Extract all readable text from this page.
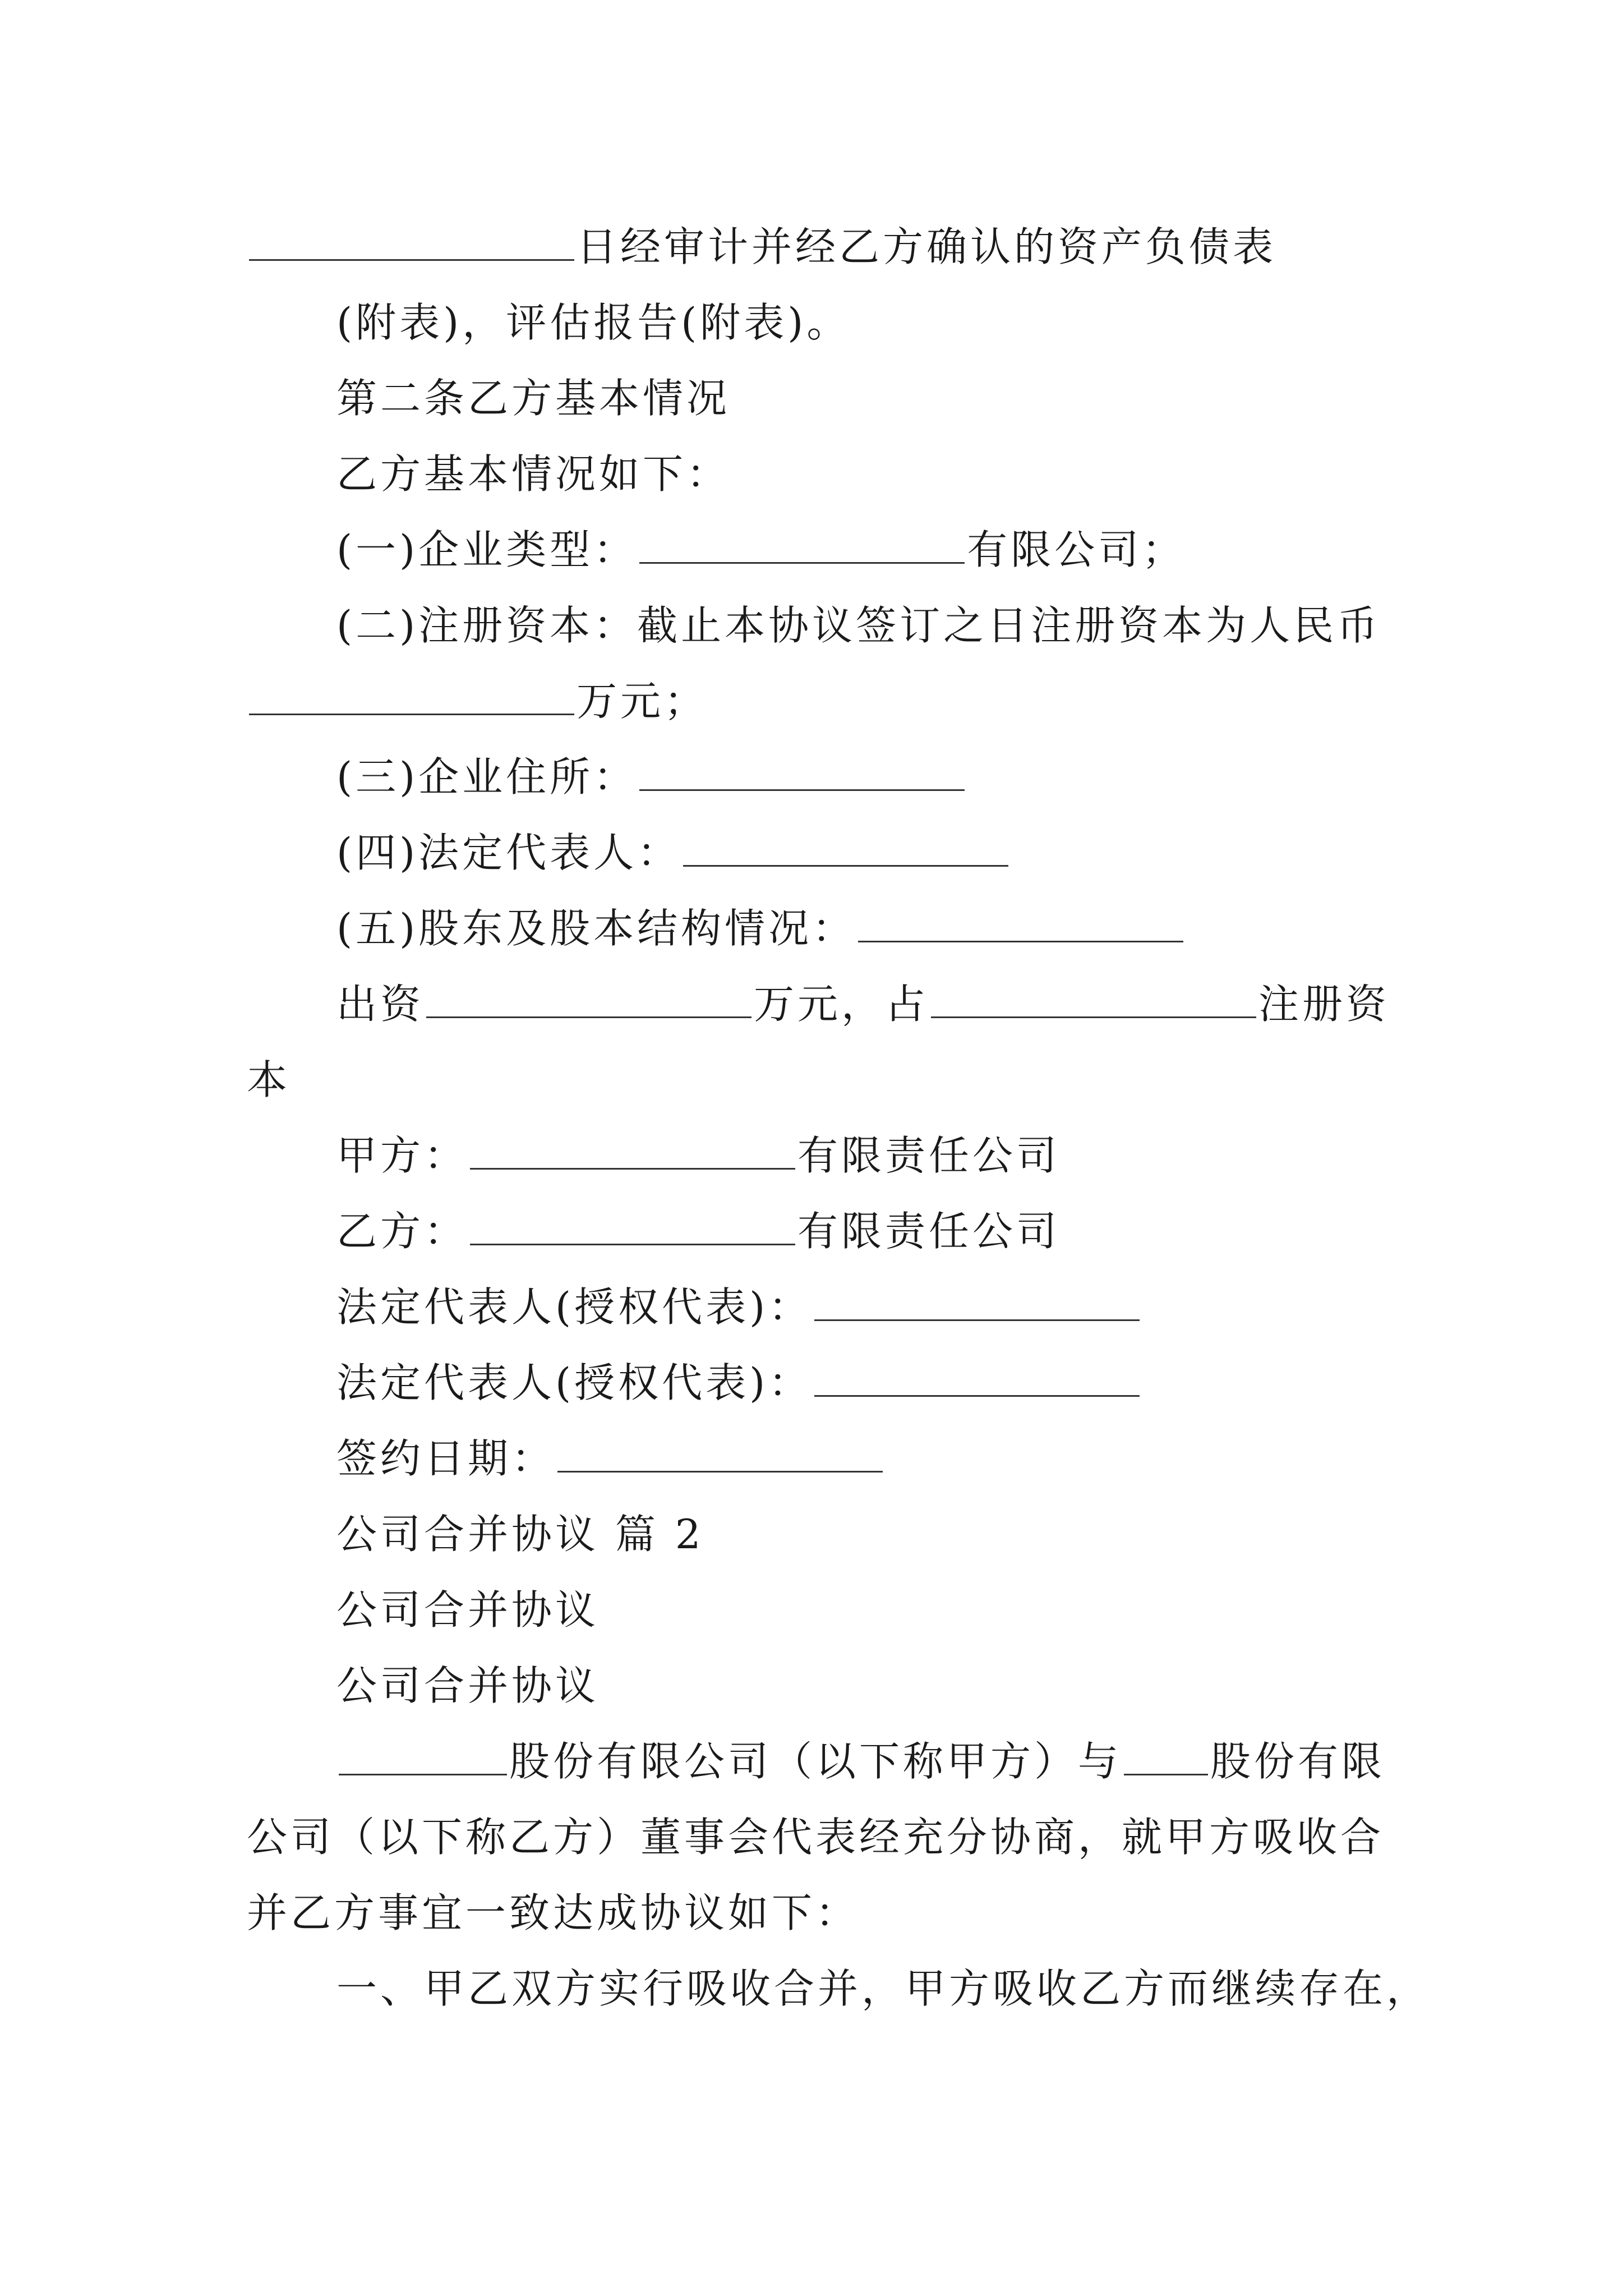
日经审计并经乙方确认的资产负债表
(附表)，评估报告(附表)。
第二条乙方基本情况
乙方基本情况如下：
(一)企业类型：	有限公司；
(二)注册资本：截止本协议签订之日注册资本为人民币
万元；
(三)企业住所：
(四)法定代表人：
(五)股东及股本结构情况：
出资	万元，占	注册资
本
甲方：	有限责任公司
乙方：	有限责任公司
法定代表人(授权代表)：
法定代表人(授权代表)：
签约日期：
公司合并协议 篇 2
公司合并协议
公司合并协议
股份有限公司（以下称甲方）与 股份有限
公司（以下称乙方）董事会代表经充分协商，就甲方吸收合
并乙方事宜一致达成协议如下：
一、甲乙双方实行吸收合并，甲方吸收乙方而继续存在，
